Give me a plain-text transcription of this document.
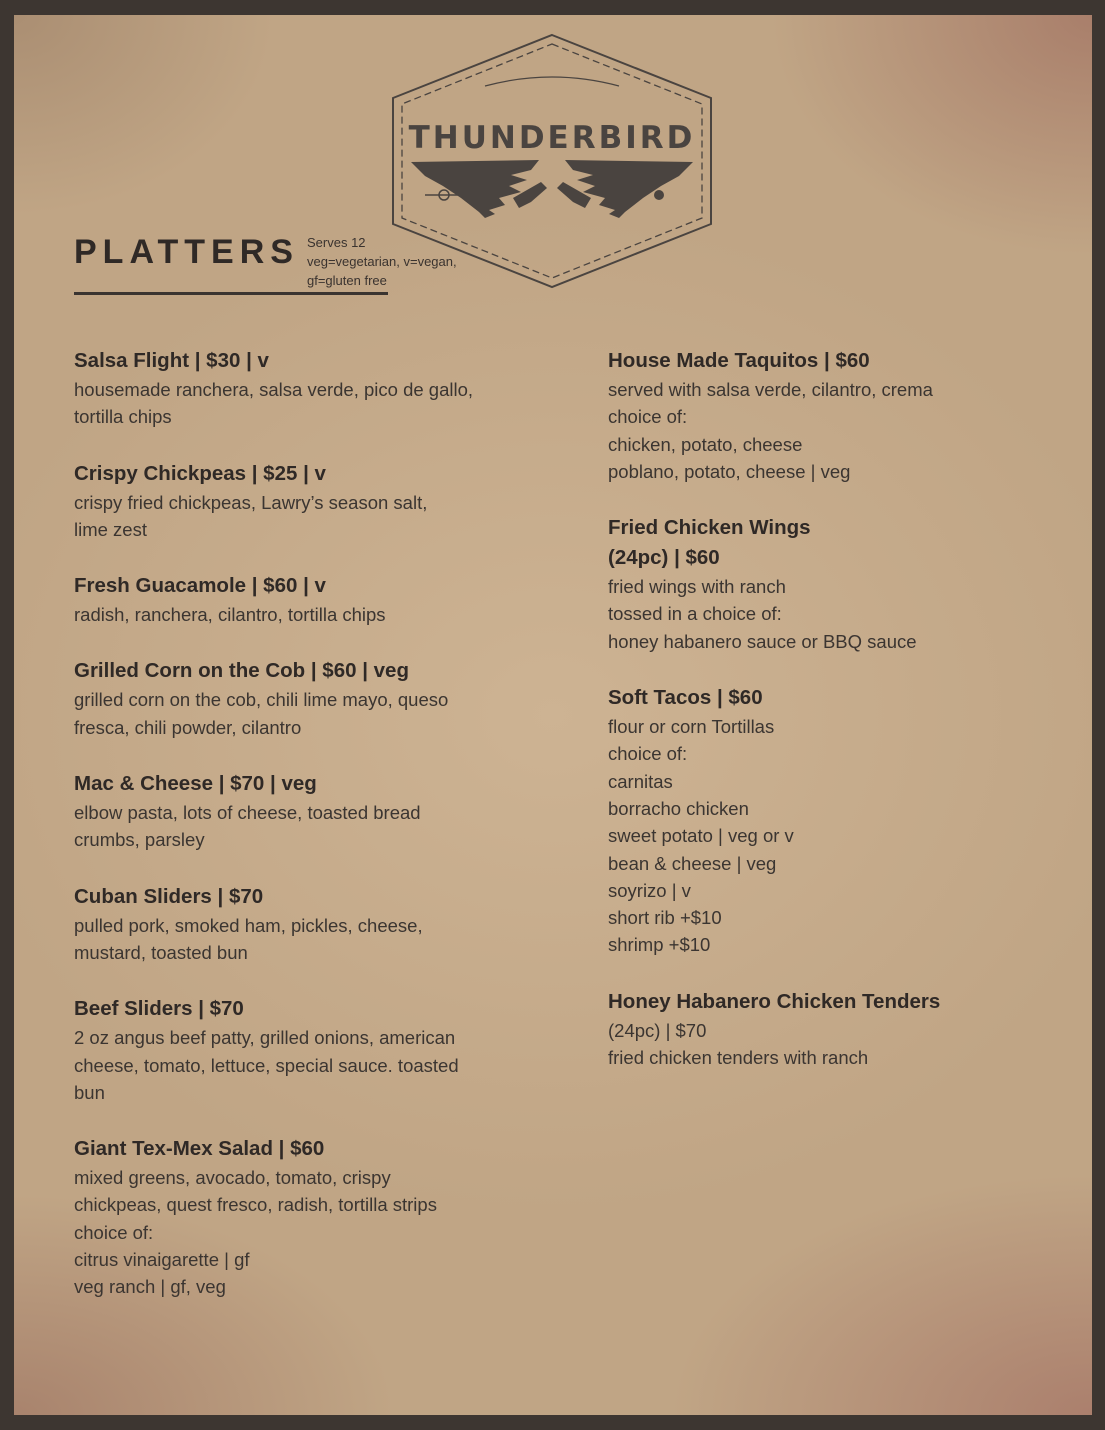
THUNDERBIRD
PLATTERS Serves 12
veg=vegetarian, v=vegan,
gf=gluten free
Salsa Flight | $30 | v
housemade ranchera, salsa verde, pico de gallo,
tortilla chips
Crispy Chickpeas | $25 | v
crispy fried chickpeas, Lawry’s season salt,
lime zest
Fresh Guacamole | $60 | v
radish, ranchera, cilantro, tortilla chips
Grilled Corn on the Cob | $60 | veg
grilled corn on the cob, chili lime mayo, queso
fresca, chili powder, cilantro
Mac & Cheese | $70 | veg
elbow pasta, lots of cheese, toasted bread
crumbs, parsley
Cuban Sliders | $70
pulled pork, smoked ham, pickles, cheese,
mustard, toasted bun
Beef Sliders | $70
2 oz angus beef patty, grilled onions, american
cheese, tomato, lettuce, special sauce. toasted
bun
Giant Tex-Mex Salad | $60
mixed greens, avocado, tomato, crispy
chickpeas, quest fresco, radish, tortilla strips
choice of:
citrus vinaigarette | gf
veg ranch | gf, veg
House Made Taquitos | $60
served with salsa verde, cilantro, crema
choice of:
chicken, potato, cheese
poblano, potato, cheese | veg
Fried Chicken Wings
(24pc) | $60
fried wings with ranch
tossed in a choice of:
honey habanero sauce or BBQ sauce
Soft Tacos | $60
flour or corn Tortillas
choice of:
carnitas
borracho chicken
sweet potato | veg or v
bean & cheese | veg
soyrizo | v
short rib +$10
shrimp +$10
Honey Habanero Chicken Tenders
(24pc) | $70
fried chicken tenders with ranch
